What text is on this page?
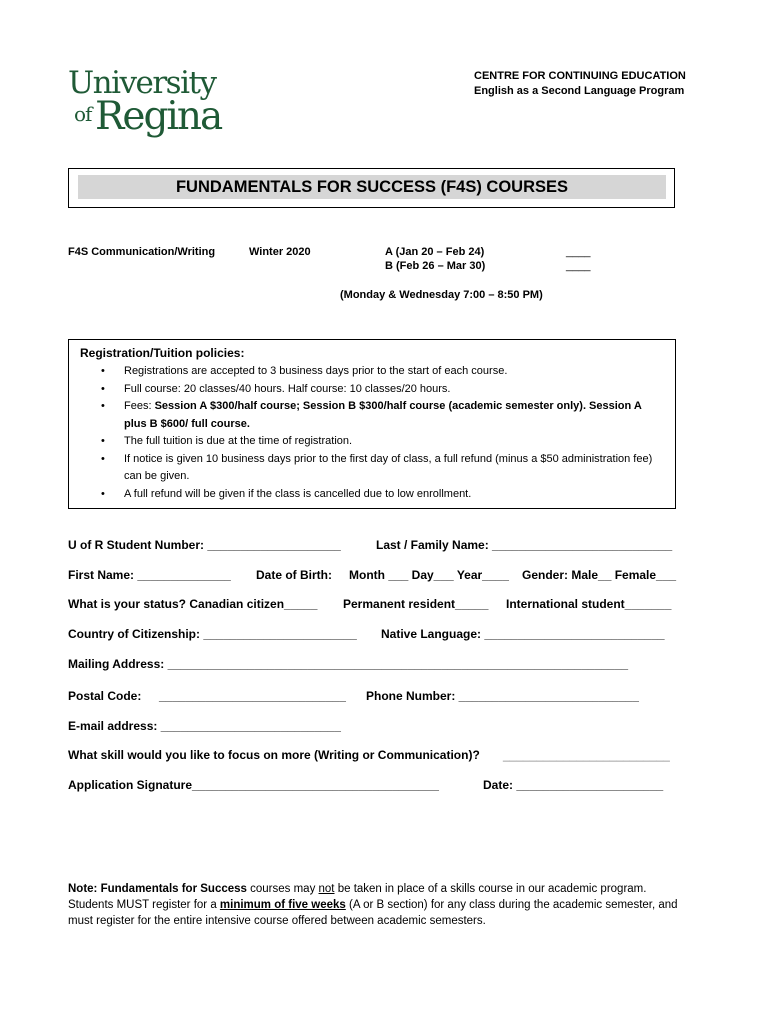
University
of Regina
CENTRE FOR CONTINUING EDUCATION
English as a Second Language Program
FUNDAMENTALS FOR SUCCESS (F4S) COURSES
F4S Communication/Writing	Winter 2020	A (Jan 20 – Feb 24)
B (Feb 26 – Mar 30)
____
____
(Monday & Wednesday 7:00 – 8:50 PM)
Registration/Tuition policies:
• Registrations are accepted to 3 business days prior to the start of each course.
• Full course: 20 classes/40 hours. Half course: 10 classes/20 hours.
• Fees: Session A $300/half course; Session B $300/half course (academic semester only). Session A plus B $600/ full course.
• The full tuition is due at the time of registration.
• If notice is given 10 business days prior to the first day of class, a full refund (minus a $50 administration fee) can be given.
• A full refund will be given if the class is cancelled due to low enrollment.
U of R Student Number: ____________________	Last / Family Name: ___________________________
First Name: ______________ Date of Birth: Month ___ Day___ Year____ Gender: Male__ Female___
What is your status? Canadian citizen_____ Permanent resident_____ International student_______
Country of Citizenship: _______________________ Native Language: ___________________________
Mailing Address: _____________________________________________________________________
Postal Code: ____________________________ Phone Number: ___________________________
E-mail address: ___________________________
What skill would you like to focus on more (Writing or Communication)? _________________________
Application Signature_____________________________________	Date: ______________________
Note: Fundamentals for Success courses may not be taken in place of a skills course in our academic program. Students MUST register for a minimum of five weeks (A or B section) for any class during the academic semester, and must register for the entire intensive course offered between academic semesters.
